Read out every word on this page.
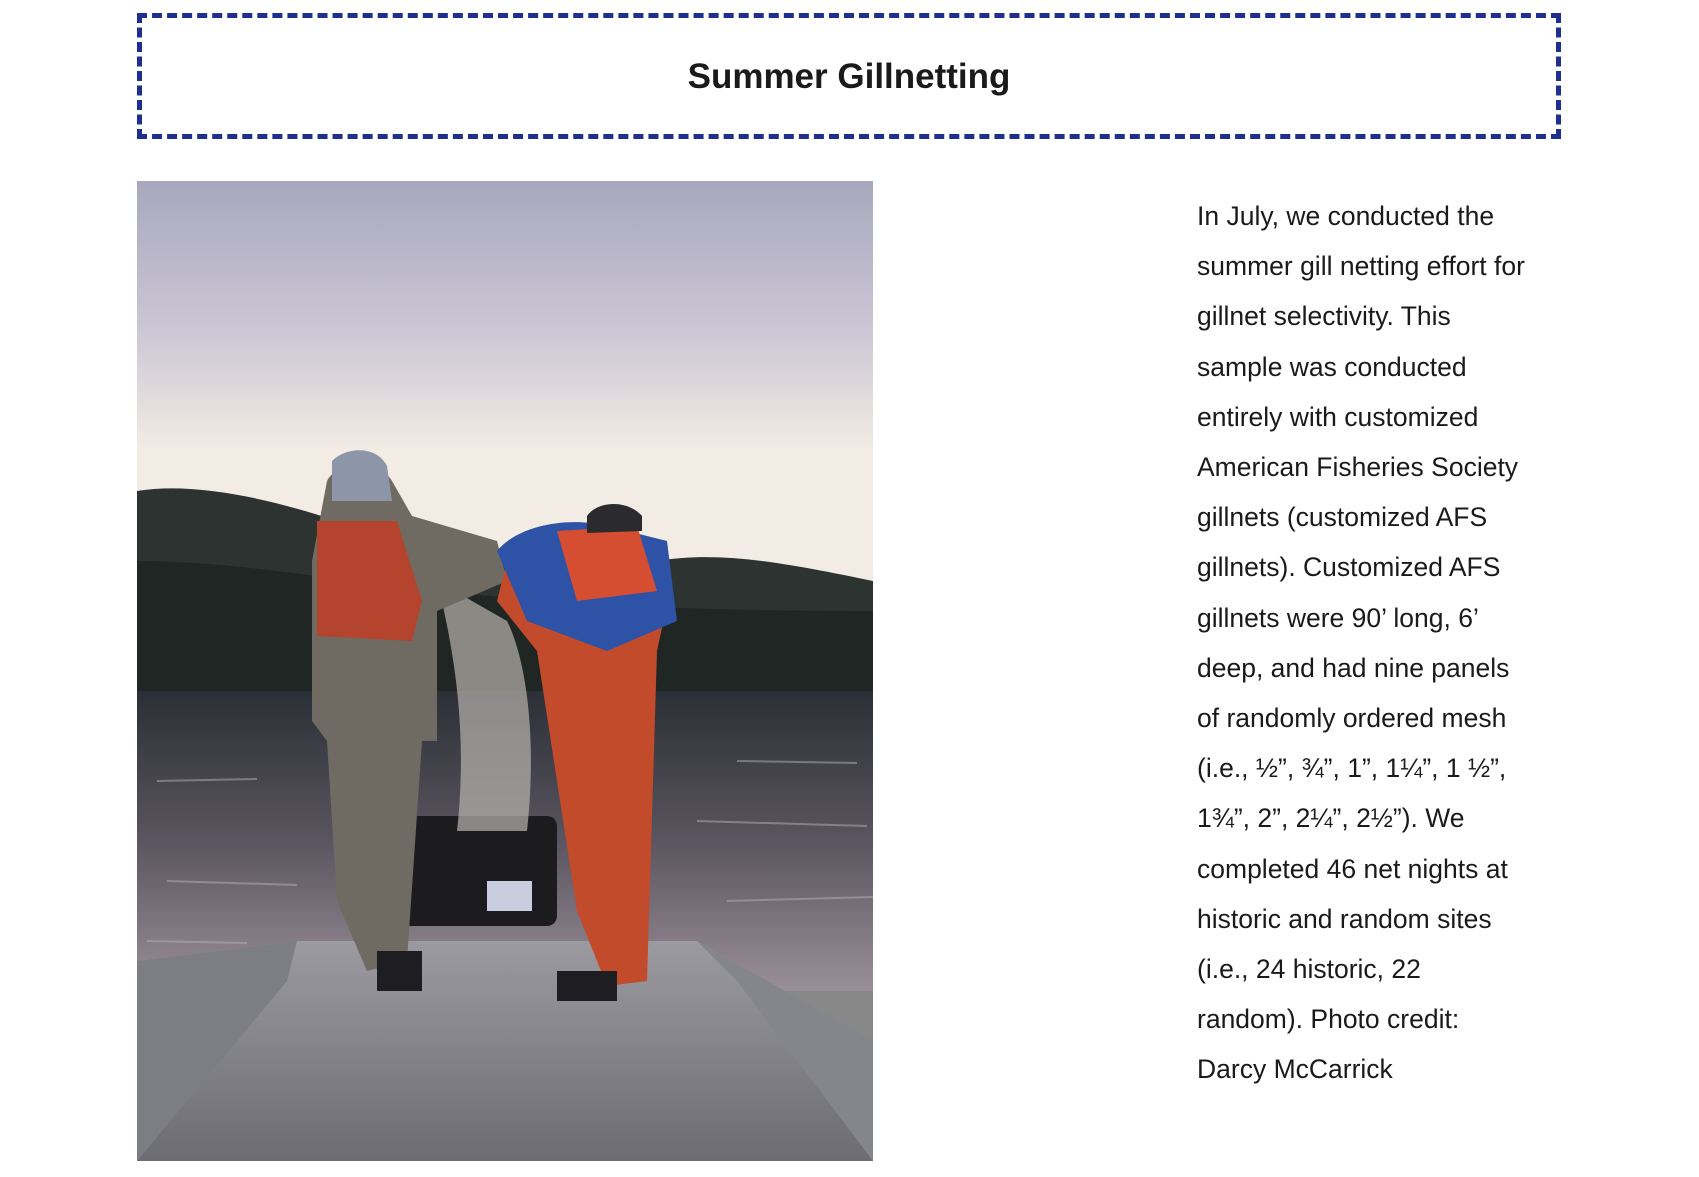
Summer Gillnetting
In July, we conducted the
summer gill netting effort for
gillnet selectivity. This
sample was conducted
entirely with customized
American Fisheries Society
gillnets (customized AFS
gillnets). Customized AFS
gillnets were 90’ long, 6’
deep, and had nine panels
of randomly ordered mesh
(i.e., ½”, ¾”, 1”, 1¼”, 1 ½”,
1¾”, 2”, 2¼”, 2½”). We
completed 46 net nights at
historic and random sites
(i.e., 24 historic, 22
random). Photo credit:
Darcy McCarrick
